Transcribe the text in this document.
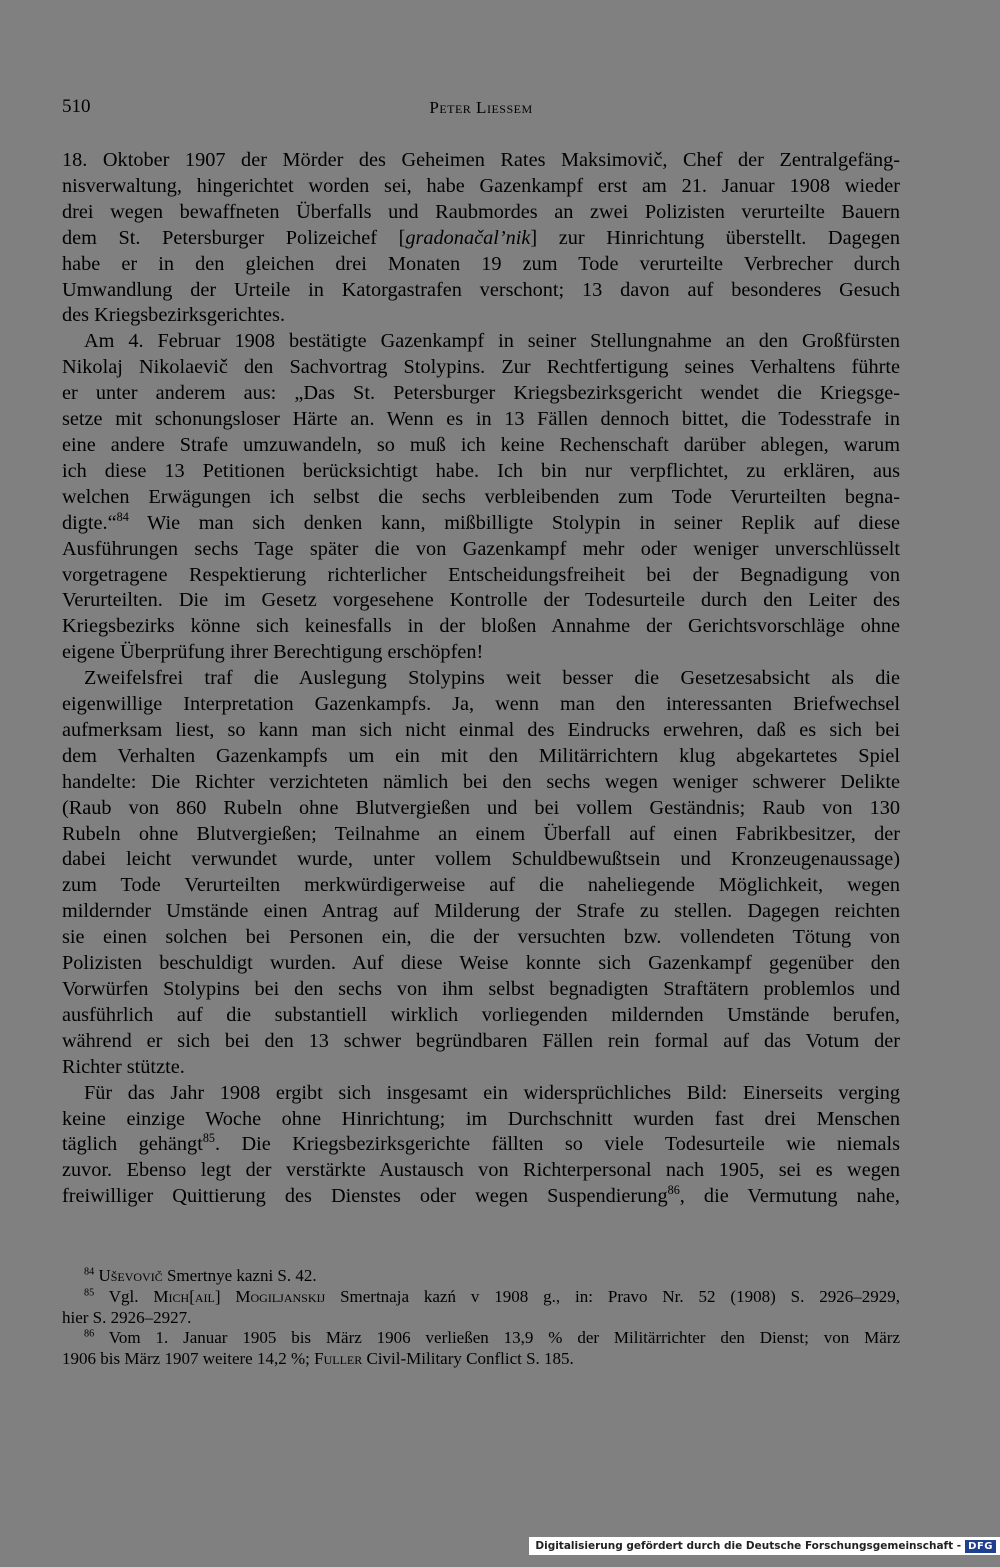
510	Peter Liessem

18. Oktober 1907 der Mörder des Geheimen Rates Maksimovič, Chef der Zentralgefäng-
nisverwaltung, hingerichtet worden sei, habe Gazenkampf erst am 21. Januar 1908 wieder
drei wegen bewaffneten Überfalls und Raubmordes an zwei Polizisten verurteilte Bauern
dem St. Petersburger Polizeichef [gradonačal’nik] zur Hinrichtung überstellt. Dagegen
habe er in den gleichen drei Monaten 19 zum Tode verurteilte Verbrecher durch
Umwandlung der Urteile in Katorgastrafen verschont; 13 davon auf besonderes Gesuch
des Kriegsbezirksgerichtes.

Am 4. Februar 1908 bestätigte Gazenkampf in seiner Stellungnahme an den Großfürsten
Nikolaj Nikolaevič den Sachvortrag Stolypins. Zur Rechtfertigung seines Verhaltens führte
er unter anderem aus: „Das St. Petersburger Kriegsbezirksgericht wendet die Kriegsge-
setze mit schonungsloser Härte an. Wenn es in 13 Fällen dennoch bittet, die Todesstrafe in
eine andere Strafe umzuwandeln, so muß ich keine Rechenschaft darüber ablegen, warum
ich diese 13 Petitionen berücksichtigt habe. Ich bin nur verpflichtet, zu erklären, aus
welchen Erwägungen ich selbst die sechs verbleibenden zum Tode Verurteilten begna-
digte.“$^{84}$ Wie man sich denken kann, mißbilligte Stolypin in seiner Replik auf diese
Ausführungen sechs Tage später die von Gazenkampf mehr oder weniger unverschlüsselt
vorgetragene Respektierung richterlicher Entscheidungsfreiheit bei der Begnadigung von
Verurteilten. Die im Gesetz vorgesehene Kontrolle der Todesurteile durch den Leiter des
Kriegsbezirks könne sich keinesfalls in der bloßen Annahme der Gerichtsvorschläge ohne
eigene Überprüfung ihrer Berechtigung erschöpfen!

Zweifelsfrei traf die Auslegung Stolypins weit besser die Gesetzesabsicht als die
eigenwillige Interpretation Gazenkampfs. Ja, wenn man den interessanten Briefwechsel
aufmerksam liest, so kann man sich nicht einmal des Eindrucks erwehren, daß es sich bei
dem Verhalten Gazenkampfs um ein mit den Militärrichtern klug abgekartetes Spiel
handelte: Die Richter verzichteten nämlich bei den sechs wegen weniger schwerer Delikte
(Raub von 860 Rubeln ohne Blutvergießen und bei vollem Geständnis; Raub von 130
Rubeln ohne Blutvergießen; Teilnahme an einem Überfall auf einen Fabrikbesitzer, der
dabei leicht verwundet wurde, unter vollem Schuldbewußtsein und Kronzeugenaussage)
zum Tode Verurteilten merkwürdigerweise auf die naheliegende Möglichkeit, wegen
mildernder Umstände einen Antrag auf Milderung der Strafe zu stellen. Dagegen reichten
sie einen solchen bei Personen ein, die der versuchten bzw. vollendeten Tötung von
Polizisten beschuldigt wurden. Auf diese Weise konnte sich Gazenkampf gegenüber den
Vorwürfen Stolypins bei den sechs von ihm selbst begnadigten Straftätern problemlos und
ausführlich auf die substantiell wirklich vorliegenden mildernden Umstände berufen,
während er sich bei den 13 schwer begründbaren Fällen rein formal auf das Votum der
Richter stützte.

Für das Jahr 1908 ergibt sich insgesamt ein widersprüchliches Bild: Einerseits verging
keine einzige Woche ohne Hinrichtung; im Durchschnitt wurden fast drei Menschen
täglich gehängt$^{85}$. Die Kriegsbezirksgerichte fällten so viele Todesurteile wie niemals
zuvor. Ebenso legt der verstärkte Austausch von Richterpersonal nach 1905, sei es wegen
freiwilliger Quittierung des Dienstes oder wegen Suspendierung$^{86}$, die Vermutung nahe,

$^{84}$ Uševovič Smertnye kazni S. 42.
$^{85}$ Vgl. Mich[ail] Mogiljanskij Smertnaja kazń v 1908 g., in: Pravo Nr. 52 (1908) S. 2926–2929,
hier S. 2926–2927.
$^{86}$ Vom 1. Januar 1905 bis März 1906 verließen 13,9 % der Militärrichter den Dienst; von März
1906 bis März 1907 weitere 14,2 %; Fuller Civil-Military Conflict S. 185.
Digitalisierung gefördert durch die Deutsche Forschungsgemeinschaft - DFG
